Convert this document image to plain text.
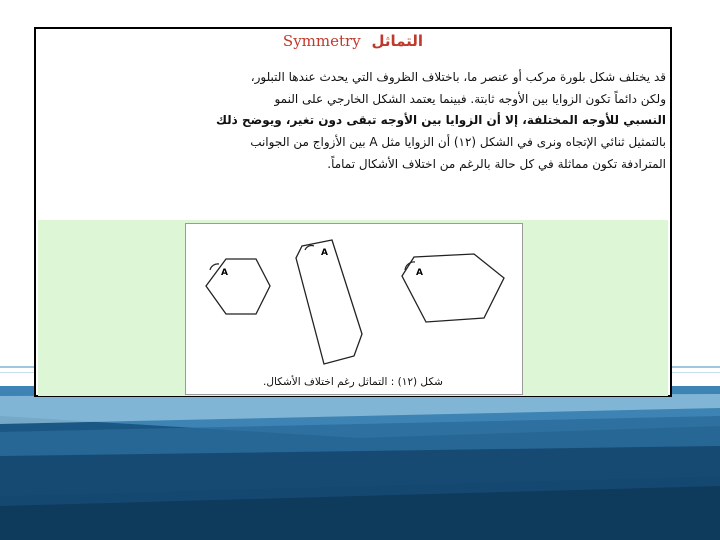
Symmetry التماثل
قد يختلف شكل بلورة مركب أو عنصر ما، باختلاف الظروف التي يحدث عندها التبلور،
ولكن دائماً تكون الزوايا بين الأوجه ثابتة. فبينما يعتمد الشكل الخارجي على النمو
النسبي للأوجه المختلفة، إلا أن الزوايا بين الأوجه تبقى دون تغير، ويوضح ذلك
بالتمثيل ثنائي الإتجاه ونرى في الشكل (١٢) أن الزوايا مثل A بين الأزواج من الجوانب
المترادفة تكون مماثلة في كل حالة بالرغم من اختلاف الأشكال تماماً.
A
A
A
شكل (١٢) : التماثل رغم اختلاف الأشكال.
